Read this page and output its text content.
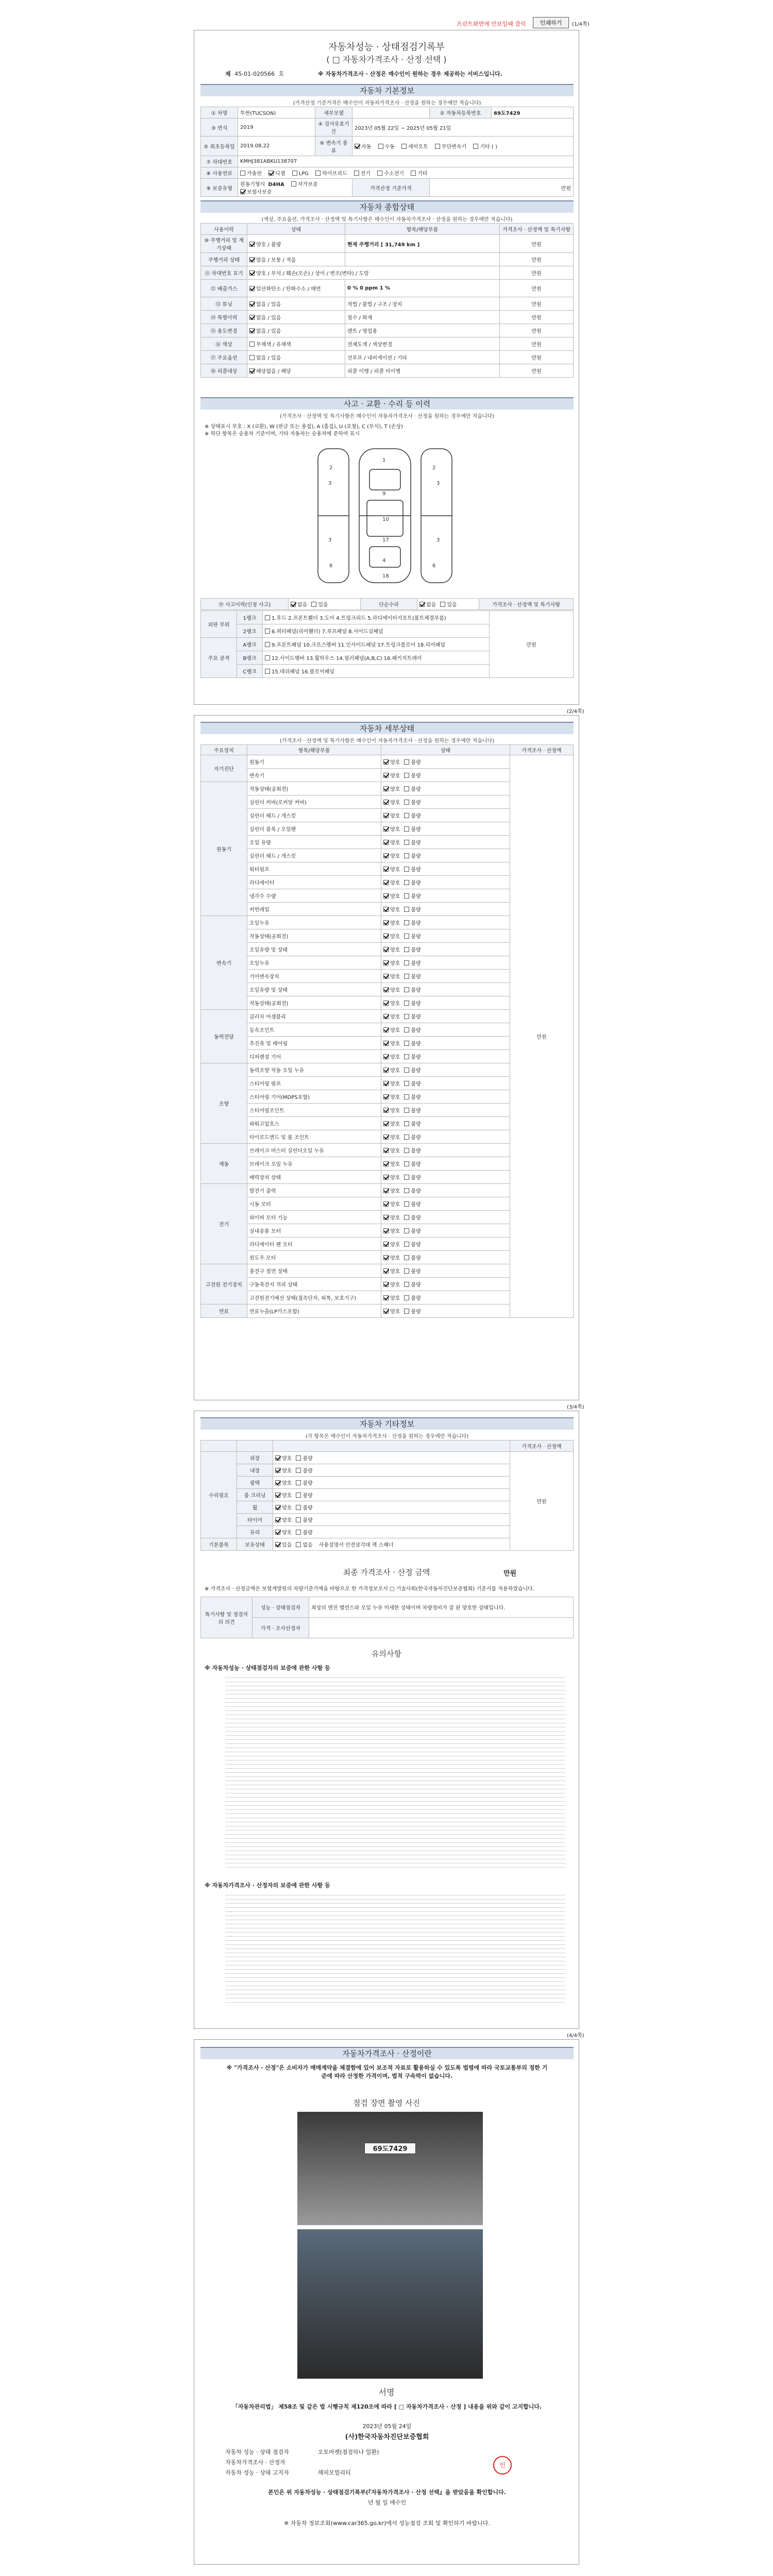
프린트화면에 안보일때 클릭	인쇄하기	(1/4쪽)
자동차성능 · 상태점검기록부
( □ 자동차가격조사 · 산정 선택 )
제 45-01-020566 호	※ 자동차가격조사 · 산정은 매수인이 원하는 경우 제공하는 서비스입니다.
자동차 기본정보
(가격산정 기준가격은 매수인이 자동차가격조사 · 산정을 원하는 경우에만 적습니다)
① 차명	투싼(TUCSON)	세부모델		② 자동차등록번호	69도7429
③ 연식	2019	④ 검사유효기간	2023년 05월 22일 ~ 2025년 05월 21일		
⑤ 최초등록일	2019.08.22	⑥ 변속기 종류	자동 수동 세미오토 무단변속기 기타 ( )		
⑦ 차대번호	KMHJ381ABKU138707				
⑧ 사용연료	가솔린 디젤 LPG 하이브리드 전기 수소전기 기타				
⑨ 보증유형	원동기형식 D4HA 자가보증 보험사보증		가격산정 기준가격	만원	
자동차 종합상태
(색상, 주요옵션, 가격조사 · 산정액 및 특기사항은 매수인이 자동차가격조사 · 산정을 원하는 경우에만 적습니다)
사용이력	상태	항목/해당부품	가격조사 · 산정액 및 특기사항
⑩ 주행거리 및 계기상태	양호 / 불량	현재 주행거리 [ 31,749 km ]	만원
주행거리 상태	많음 / 보통 / 적음		만원
⑪ 차대번호 표기	양호 / 부식 / 훼손(오손) / 상이 / 변조(변타) / 도말		만원
⑫ 배출가스	일산화탄소 / 탄화수소 / 매연	0 % 0 ppm 1 %	만원
⑬ 튜닝	없음 / 있음	적법 / 불법 / 구조 / 장치	만원
⑭ 특별이력	없음 / 있음	침수 / 화재	만원
⑮ 용도변경	없음 / 있음	렌트 / 영업용	만원
⑯ 색상	무채색 / 유채색	전체도색 / 색상변경	만원
⑰ 주요옵션	없음 / 있음	선루프 / 내비게이션 / 기타	만원
⑱ 리콜대상	해당없음 / 해당	리콜 이행 / 리콜 미이행	만원
사고 · 교환 · 수리 등 이력
(가격조사 · 산정액 및 특기사항은 매수인이 자동차가격조사 · 산정을 원하는 경우에만 적습니다)
※ 상태표시 부호 : X (교환), W (판금 또는 용접), A (흠집), U (요철), C (부식), T (손상)
※ 하단 항목은 승용차 기준이며, 기타 자동차는 승용차에 준하여 표시
1
9
10
3
3
3
3
4
18
2	2
6	6
17
⑲ 사고이력(인정 사고)	없음 있음	단순수리	없음 있음	가격조사 · 산정액 및 특기사항
외판 부위	1랭크	1.후드 2.프론트휀더 3.도어 4.트렁크리드 5.라디에이터서포트(볼트체결부품)	만원
	2랭크	6.쿼터패널(리어휀더) 7.루프패널 8.사이드실패널	
주요 골격	A랭크	9.프론트패널 10.크로스멤버 11.인사이드패널 17.트렁크플로어 18.리어패널	
	B랭크	12.사이드멤버 13.휠하우스 14.필러패널(A,B,C) 16.패키지트레이	
	C랭크	15.대쉬패널 16.플로어패널	
(2/4쪽)
자동차 세부상태
(가격조사 · 산정액 및 특기사항은 매수인이 자동차가격조사 · 산정을 원하는 경우에만 적습니다)
주요장치	항목/해당부품	상태	가격조사 · 산정액
자기진단	원동기	양호 불량	만원
	변속기	양호 불량	
원동기	작동상태(공회전)	양호 불량	
	실린더 커버(로커암 커버)	양호 불량	
	실린더 헤드 / 개스킷	양호 불량	
	실린더 블록 / 오일팬	양호 불량	
	오일 유량	양호 불량	
	실린더 헤드 / 개스킷	양호 불량	
	워터펌프	양호 불량	
	라디에이터	양호 불량	
	냉각수 수량	양호 불량	
	커먼레일	양호 불량	
변속기	오일누유	양호 불량	
	작동상태(공회전)	양호 불량	
	오일유량 및 상태	양호 불량	
	오일누유	양호 불량	
	기어변속장치	양호 불량	
	오일유량 및 상태	양호 불량	
	작동상태(공회전)	양호 불량	
동력전달	클러치 어셈블리	양호 불량	
	등속조인트	양호 불량	
	추진축 및 베어링	양호 불량	
	디퍼렌셜 기어	양호 불량	
조향	동력조향 작동 오일 누유	양호 불량	
	스티어링 펌프	양호 불량	
	스티어링 기어(MDPS포함)	양호 불량	
	스티어링조인트	양호 불량	
	파워고압호스	양호 불량	
	타이로드엔드 및 볼 조인트	양호 불량	
제동	브레이크 마스터 실린더오일 누유	양호 불량	
	브레이크 오일 누유	양호 불량	
	배력장치 상태	양호 불량	
전기	발전기 출력	양호 불량	
	시동 모터	양호 불량	
	와이퍼 모터 기능	양호 불량	
	실내송풍 모터	양호 불량	
	라디에이터 팬 모터	양호 불량	
	윈도우 모터	양호 불량	
고전원 전기장치	충전구 절연 상태	양호 불량	
	구동축전지 격리 상태	양호 불량	
	고전원전기배선 상태(접속단자, 피복, 보호기구)	양호 불량	
연료	연료누출(LP가스포함)	양호 불량	
(3/4쪽)
자동차 기타정보
(각 항목은 매수인이 자동차가격조사 · 산정을 원하는 경우에만 적습니다)
			가격조사 · 산정액
수리필요	외장	양호 불량	만원
	내장	양호 불량	
	광택	양호 불량	
	룸 크리닝	양호 불량	
	휠	양호 불량	
	타이어	양호 불량	
	유리	양호 불량	
기본품목	보유상태	있음 없음 사용설명서 안전삼각대 잭 스패너	
최종 가격조사 · 산정 금액	만원
※ 가격조사 · 산정금액은 보험개발원의 차량기준가액을 바탕으로 한 가격정보로서 □ 기술사회(한국자동차진단보증협회) 기준서를 적용하였습니다.
특기사항 및 점검자의 의견	성능 · 상태점검자	최상의 엔진 밸런스와 오일 누유 미세한 상태이며 차량정비가 잘 된 양호한 상태입니다.
	가격 · 조사산정자	
유의사항
※ 자동차성능 · 상태점검자의 보증에 관한 사항 등
※ 자동차가격조사 · 산정자의 보증에 관한 사항 등
(4/4쪽)
자동차가격조사 · 산정이란
※ "가격조사 · 산정"은 소비자가 매매계약을 체결함에 있어 보조적 자료로 활용하실 수 있도록 법령에 따라 국토교통부의 정한 기준에 따라 산정한 가격이며, 법적 구속력이 없습니다.
점검 장면 촬영 사진
69도7429
서명
「자동차관리법」 제58조 및 같은 법 시행규칙 제120조에 따라 [ □ 자동차가격조사 · 산정 ] 내용을 위와 같이 고지합니다.
2023년 05월 24일
(사)한국자동차진단보증협회
자동차 성능 · 상태 점검자	오토마켓(점검하나 일환)
자동차가격조사 · 산정자
자동차 성능 · 상태 고지자	해피모빌리티
인
본인은 위 자동차성능 · 상태점검기록부(『자동차가격조사 · 산정 선택』을 받았음을 확인합니다.
년 월 일 매수인
※ 자동차 정보조회(www.car365.go.kr)에서 성능점검 조회 및 확인하기 바랍니다.
